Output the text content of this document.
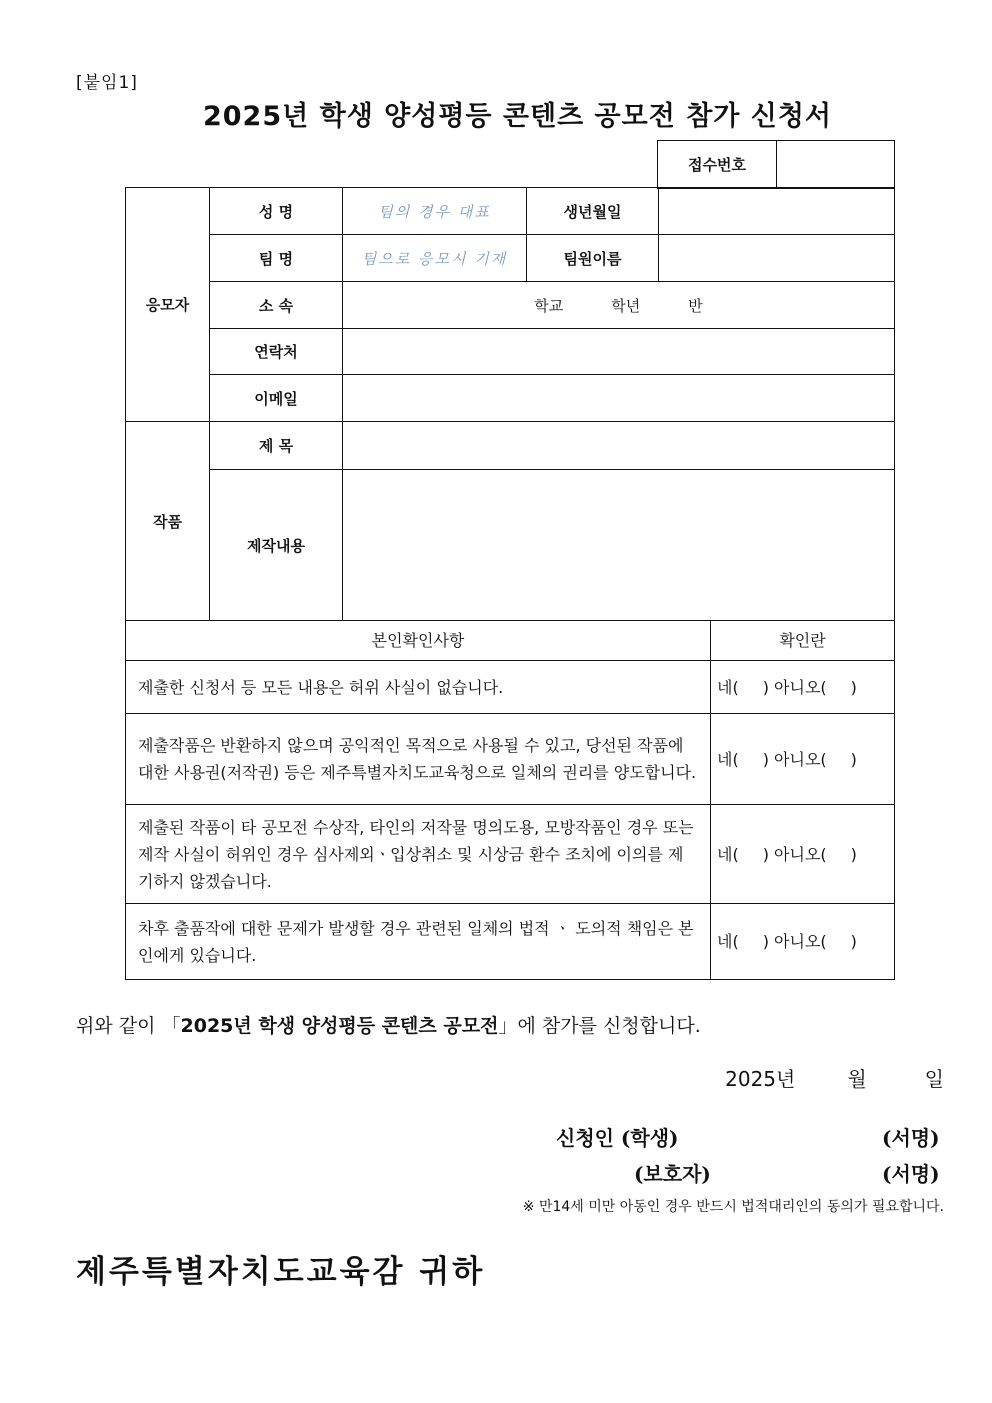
[붙임1]
2025년 학생 양성평등 콘텐츠 공모전 참가 신청서
접수번호	
응모자	성 명	팀의 경우 대표	생년월일	
	팀 명	팀으로 응모시 기재	팀원이름	
	소 속	학교 학년 반		
	연락처			
	이메일			
작품	제 목			
	제작내용			
본인확인사항	확인란
제출한 신청서 등 모든 내용은 허위 사실이 없습니다.	네( ) 아니오( )
제출작품은 반환하지 않으며 공익적인 목적으로 사용될 수 있고, 당선된 작품에 대한 사용권(저작권) 등은 제주특별자치도교육청으로 일체의 권리를 양도합니다.	네( ) 아니오( )
제출된 작품이 타 공모전 수상작, 타인의 저작물 명의도용, 모방작품인 경우 또는 제작 사실이 허위인 경우 심사제외ㆍ입상취소 및 시상금 환수 조치에 이의를 제기하지 않겠습니다.	네( ) 아니오( )
차후 출품작에 대한 문제가 발생할 경우 관련된 일체의 법적 ㆍ 도의적 책임은 본인에게 있습니다.	네( ) 아니오( )
위와 같이 「2025년 학생 양성평등 콘텐츠 공모전」에 참가를 신청합니다.
2025년	월	일
신청인 (학생)	(서명)
(보호자)	(서명)
※ 만14세 미만 아동인 경우 반드시 법적대리인의 동의가 필요합니다.
제주특별자치도교육감 귀하
